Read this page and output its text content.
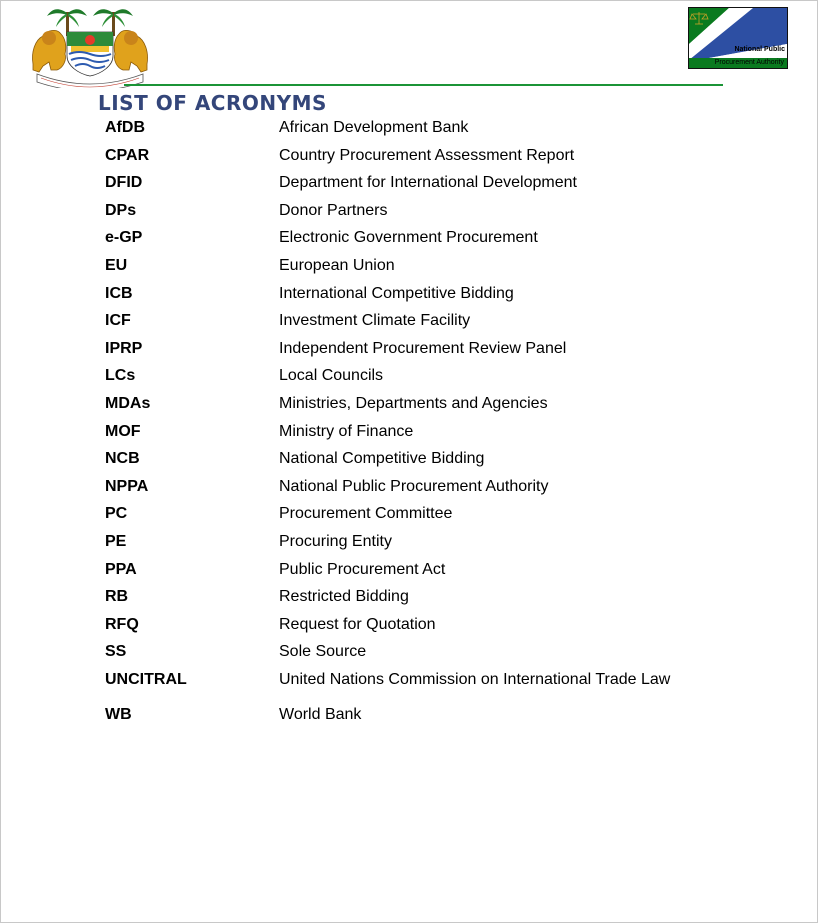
National Public
Procurement Authority
LIST OF ACRONYMS
AfDB	African Development Bank
CPAR	Country Procurement Assessment Report
DFID	Department for International Development
DPs	Donor Partners
e-GP	Electronic Government Procurement
EU	European Union
ICB	International Competitive Bidding
ICF	Investment Climate Facility
IPRP	Independent Procurement Review Panel
LCs	Local Councils
MDAs	Ministries, Departments and Agencies
MOF	Ministry of Finance
NCB	National Competitive Bidding
NPPA	National Public Procurement Authority
PC	Procurement Committee
PE	Procuring Entity
PPA	Public Procurement Act
RB	Restricted Bidding
RFQ	Request for Quotation
SS	Sole Source
UNCITRAL	United Nations Commission on International Trade Law
WB	World Bank
